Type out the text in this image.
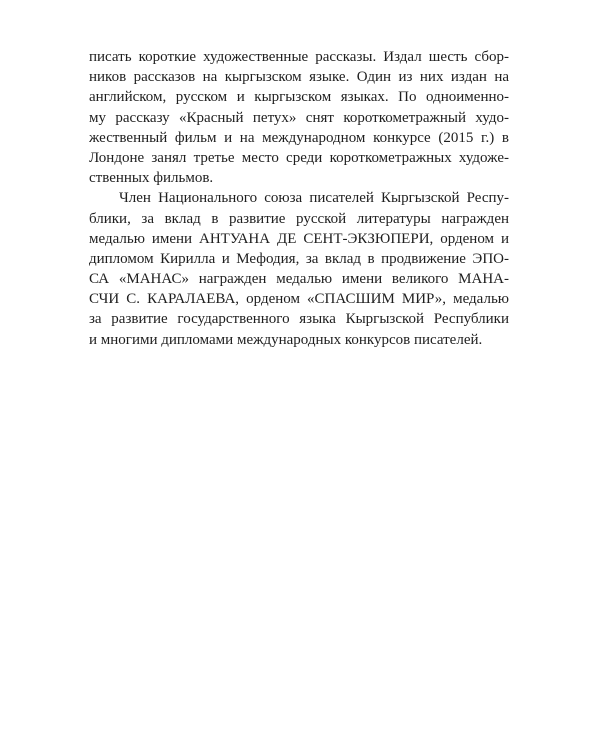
писать короткие художественные рассказы. Издал шесть сбор-
ников рассказов на кыргызском языке. Один из них издан на
английском, русском и кыргызском языках. По одноименно-
му рассказу «Красный петух» снят короткометражный худо-
жественный фильм и на международном конкурсе (2015 г.) в
Лондоне занял третье место среди короткометражных художе-
ственных фильмов.
Член Национального союза писателей Кыргызской Респу-
блики, за вклад в развитие русской литературы награжден
медалью имени АНТУАНА ДЕ СЕНТ-ЭКЗЮПЕРИ, орденом и
дипломом Кирилла и Мефодия, за вклад в продвижение ЭПО-
СА «МАНАС» награжден медалью имени великого МАНА-
СЧИ С. КАРАЛАЕВА, орденом «СПАСШИМ МИР», медалью
за развитие государственного языка Кыргызской Республики
и многими дипломами международных конкурсов писателей.
